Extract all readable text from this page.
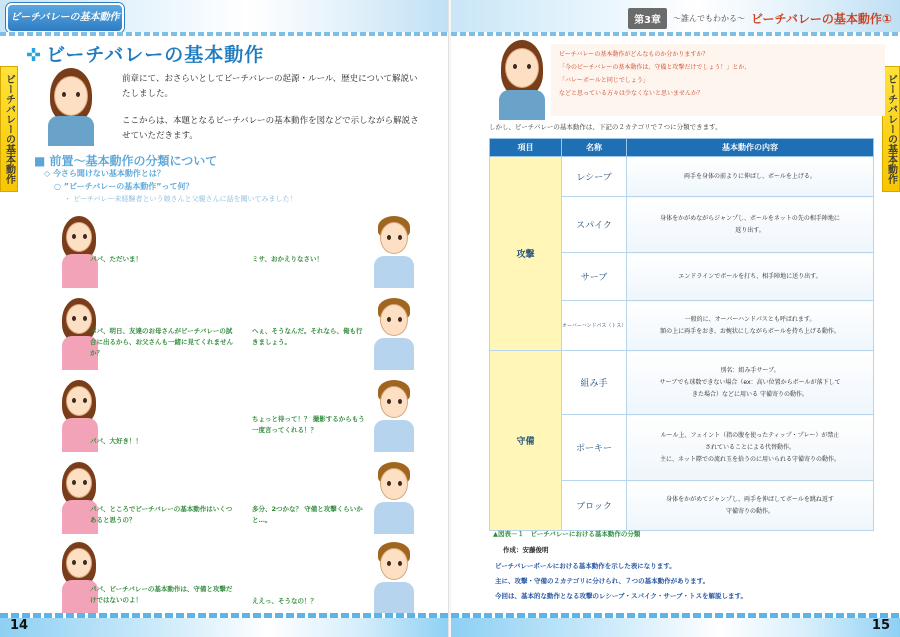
ビーチバレーの基本動作
ビーチバレーの基本動作
✜ ビーチバレーの基本動作

前章にて、おさらいとしてビーチバレーの起源・ルール、歴史について解説いたしました。

ここからは、本題となるビーチバレーの基本動作を図などで示しながら解説させていただきます。

■ 前置〜基本動作の分類について
◇ 今さら聞けない基本動作とは？
○ ”ビーチバレーの基本動作”って何？
・ ビーチバレー未経験者という娘さんと父親さんに話を聞いてみました！
パパ、ただいま！	ミサ、おかえりなさい！
パパ、明日、友達のお母さんがビーチバレーの試合に出るから、お父さんも一緒に見てくれませんか？
へぇ、そうなんだ。それなら、俺も行きましょう。
パパ、大好き！！
ちょっと待って！？ 撮影するからもう一度言ってくれる！？
パパ、ところでビーチバレーの基本動作はいくつあると思うの？
多分、2つかな？ 守備と攻撃くらいかと…。
パパ、ビーチバレーの基本動作は、守備と攻撃だけではないのよ！	ええっ、そうなの！？
14
第3章	〜誰んでもわかる〜 ビーチバレーの基本動作①
ビーチバレーの基本動作
ビーチバレーの基本動作がどんなものか分かりますか？
「今のビーチバレーの基本動作は、守備と攻撃だけでしょう！」とか、
「バレーボールと同じでしょう」
などと思っている方々は少なくないと思いませんか？
しかし、ビーチバレーの基本動作は、下記の２カテゴリで７つに分類できます。
項目	名称	基本動作の内容
攻撃	レシーブ	両手を身体の前よりに伸ばし、ボールを上げる。

	スパイク	身体をかがめながらジャンプし、ボールをネットの先の相手陣地に
返り出す。

	サーブ	エンドラインでボールを打ち、相手陣地に送り出す。

	オーバーハンドパス（トス）	一般的に、オーバーハンドパスとも呼ばれます。
額の上に両手をおき、お椀状にしながらボールを持ち上げる動作。

守備	組み手	別名：組み手サーブ。
サーブでも球数できない場合（ex：高い位置からボールが落下して
きた場合）などに用いる 守備寄りの動作。

	ポーキー	ルール上、フェイント（指の腹を使ったティップ・プレー）が禁止
されていることによる代替動作。
主に、ネット際での流れ玉を拾うのに用いられる守備寄りの動作。

	ブロック	身体をかがめてジャンプし、両手を伸ばしてボールを跳ね返す
守備寄りの動作。
▲図表－１　ビーチバレーにおける基本動作の分類
作成：安藤俊明
ビーチバレーボールにおける基本動作を示した表になります。
主に、攻撃・守備の２カテゴリに分けられ、７つの基本動作があります。
今回は、基本的な動作となる攻撃のレシーブ・スパイク・サーブ・トスを解説します。
15
